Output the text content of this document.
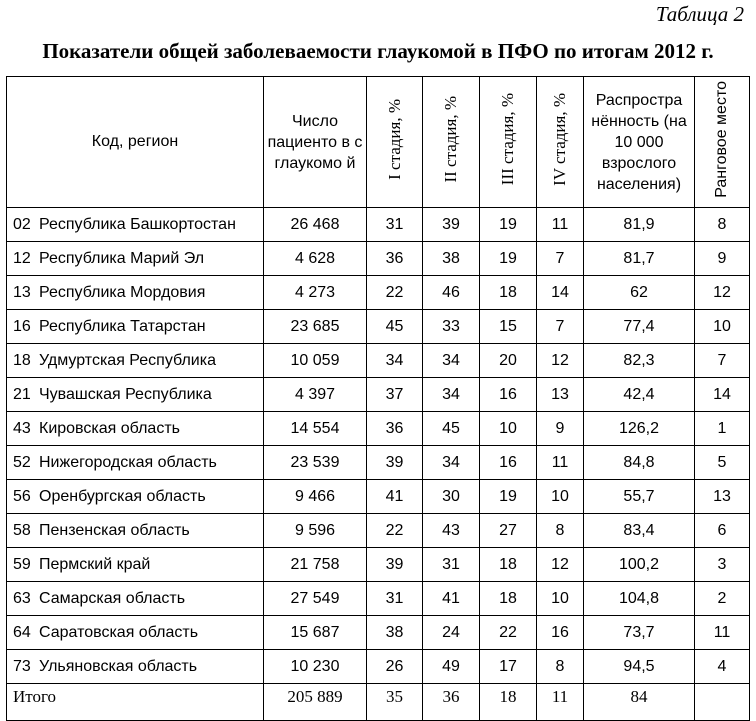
Таблица 2
Показатели общей заболеваемости глаукомой в ПФО по итогам 2012 г.
Код, регион	Число пациенто в с глаукомо й	I стадия, %	II стадия, %	III стадия, %	IV стадия, %	Распростра нённость (на 10 000 взрослого населения)	Ранговое место
02 Республика Башкортостан	26 468	31	39	19	11	81,9	8
12 Республика Марий Эл	4 628	36	38	19	7	81,7	9
13 Республика Мордовия	4 273	22	46	18	14	62	12
16 Республика Татарстан	23 685	45	33	15	7	77,4	10
18 Удмуртская Республика	10 059	34	34	20	12	82,3	7
21 Чувашская Республика	4 397	37	34	16	13	42,4	14
43 Кировская область	14 554	36	45	10	9	126,2	1
52 Нижегородская область	23 539	39	34	16	11	84,8	5
56 Оренбургская область	9 466	41	30	19	10	55,7	13
58 Пензенская область	9 596	22	43	27	8	83,4	6
59 Пермский край	21 758	39	31	18	12	100,2	3
63 Самарская область	27 549	31	41	18	10	104,8	2
64 Саратовская область	15 687	38	24	22	16	73,7	11
73 Ульяновская область	10 230	26	49	17	8	94,5	4
Итого	205 889	35	36	18	11	84	
